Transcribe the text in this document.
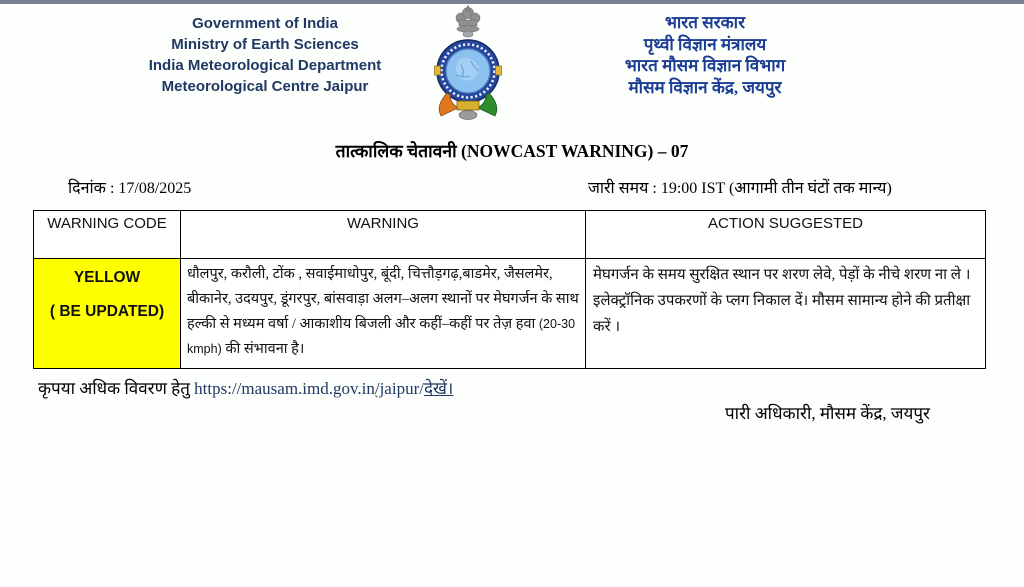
Government of India
Ministry of Earth Sciences
India Meteorological Department
Meteorological Centre Jaipur
भारत सरकार
पृथ्वी विज्ञान मंत्रालय
भारत मौसम विज्ञान विभाग
मौसम विज्ञान केंद्र, जयपुर
तात्कालिक चेतावनी (NOWCAST WARNING) – 07
दिनांक : 17/08/2025	जारी समय : 19:00 IST (आगामी तीन घंटों तक मान्य)
WARNING CODE	WARNING	ACTION SUGGESTED

YELLOW
( BE UPDATED)	धौलपुर, करौली, टोंक , सवाईमाधोपुर, बूंदी, चित्तौड़गढ़,बाडमेर, जैसलमेर, बीकानेर, उदयपुर, डूंगरपुर, बांसवाड़ा अलग–अलग स्थानों पर मेघगर्जन के साथ हल्की से मध्यम वर्षा / आकाशीय बिजली और कहीं–कहीं पर तेज़ हवा (20-30 kmph) की संभावना है।	मेघगर्जन के समय सुरक्षित स्थान पर शरण लेवे, पेड़ों के नीचे शरण ना ले । इलेक्ट्रॉनिक उपकरणों के प्लग निकाल दें। मौसम सामान्य होने की प्रतीक्षा करें ।
कृपया अधिक विवरण हेतु https://mausam.imd.gov.in/jaipur/देखें।
`
पारी अधिकारी, मौसम केंद्र, जयपुर
